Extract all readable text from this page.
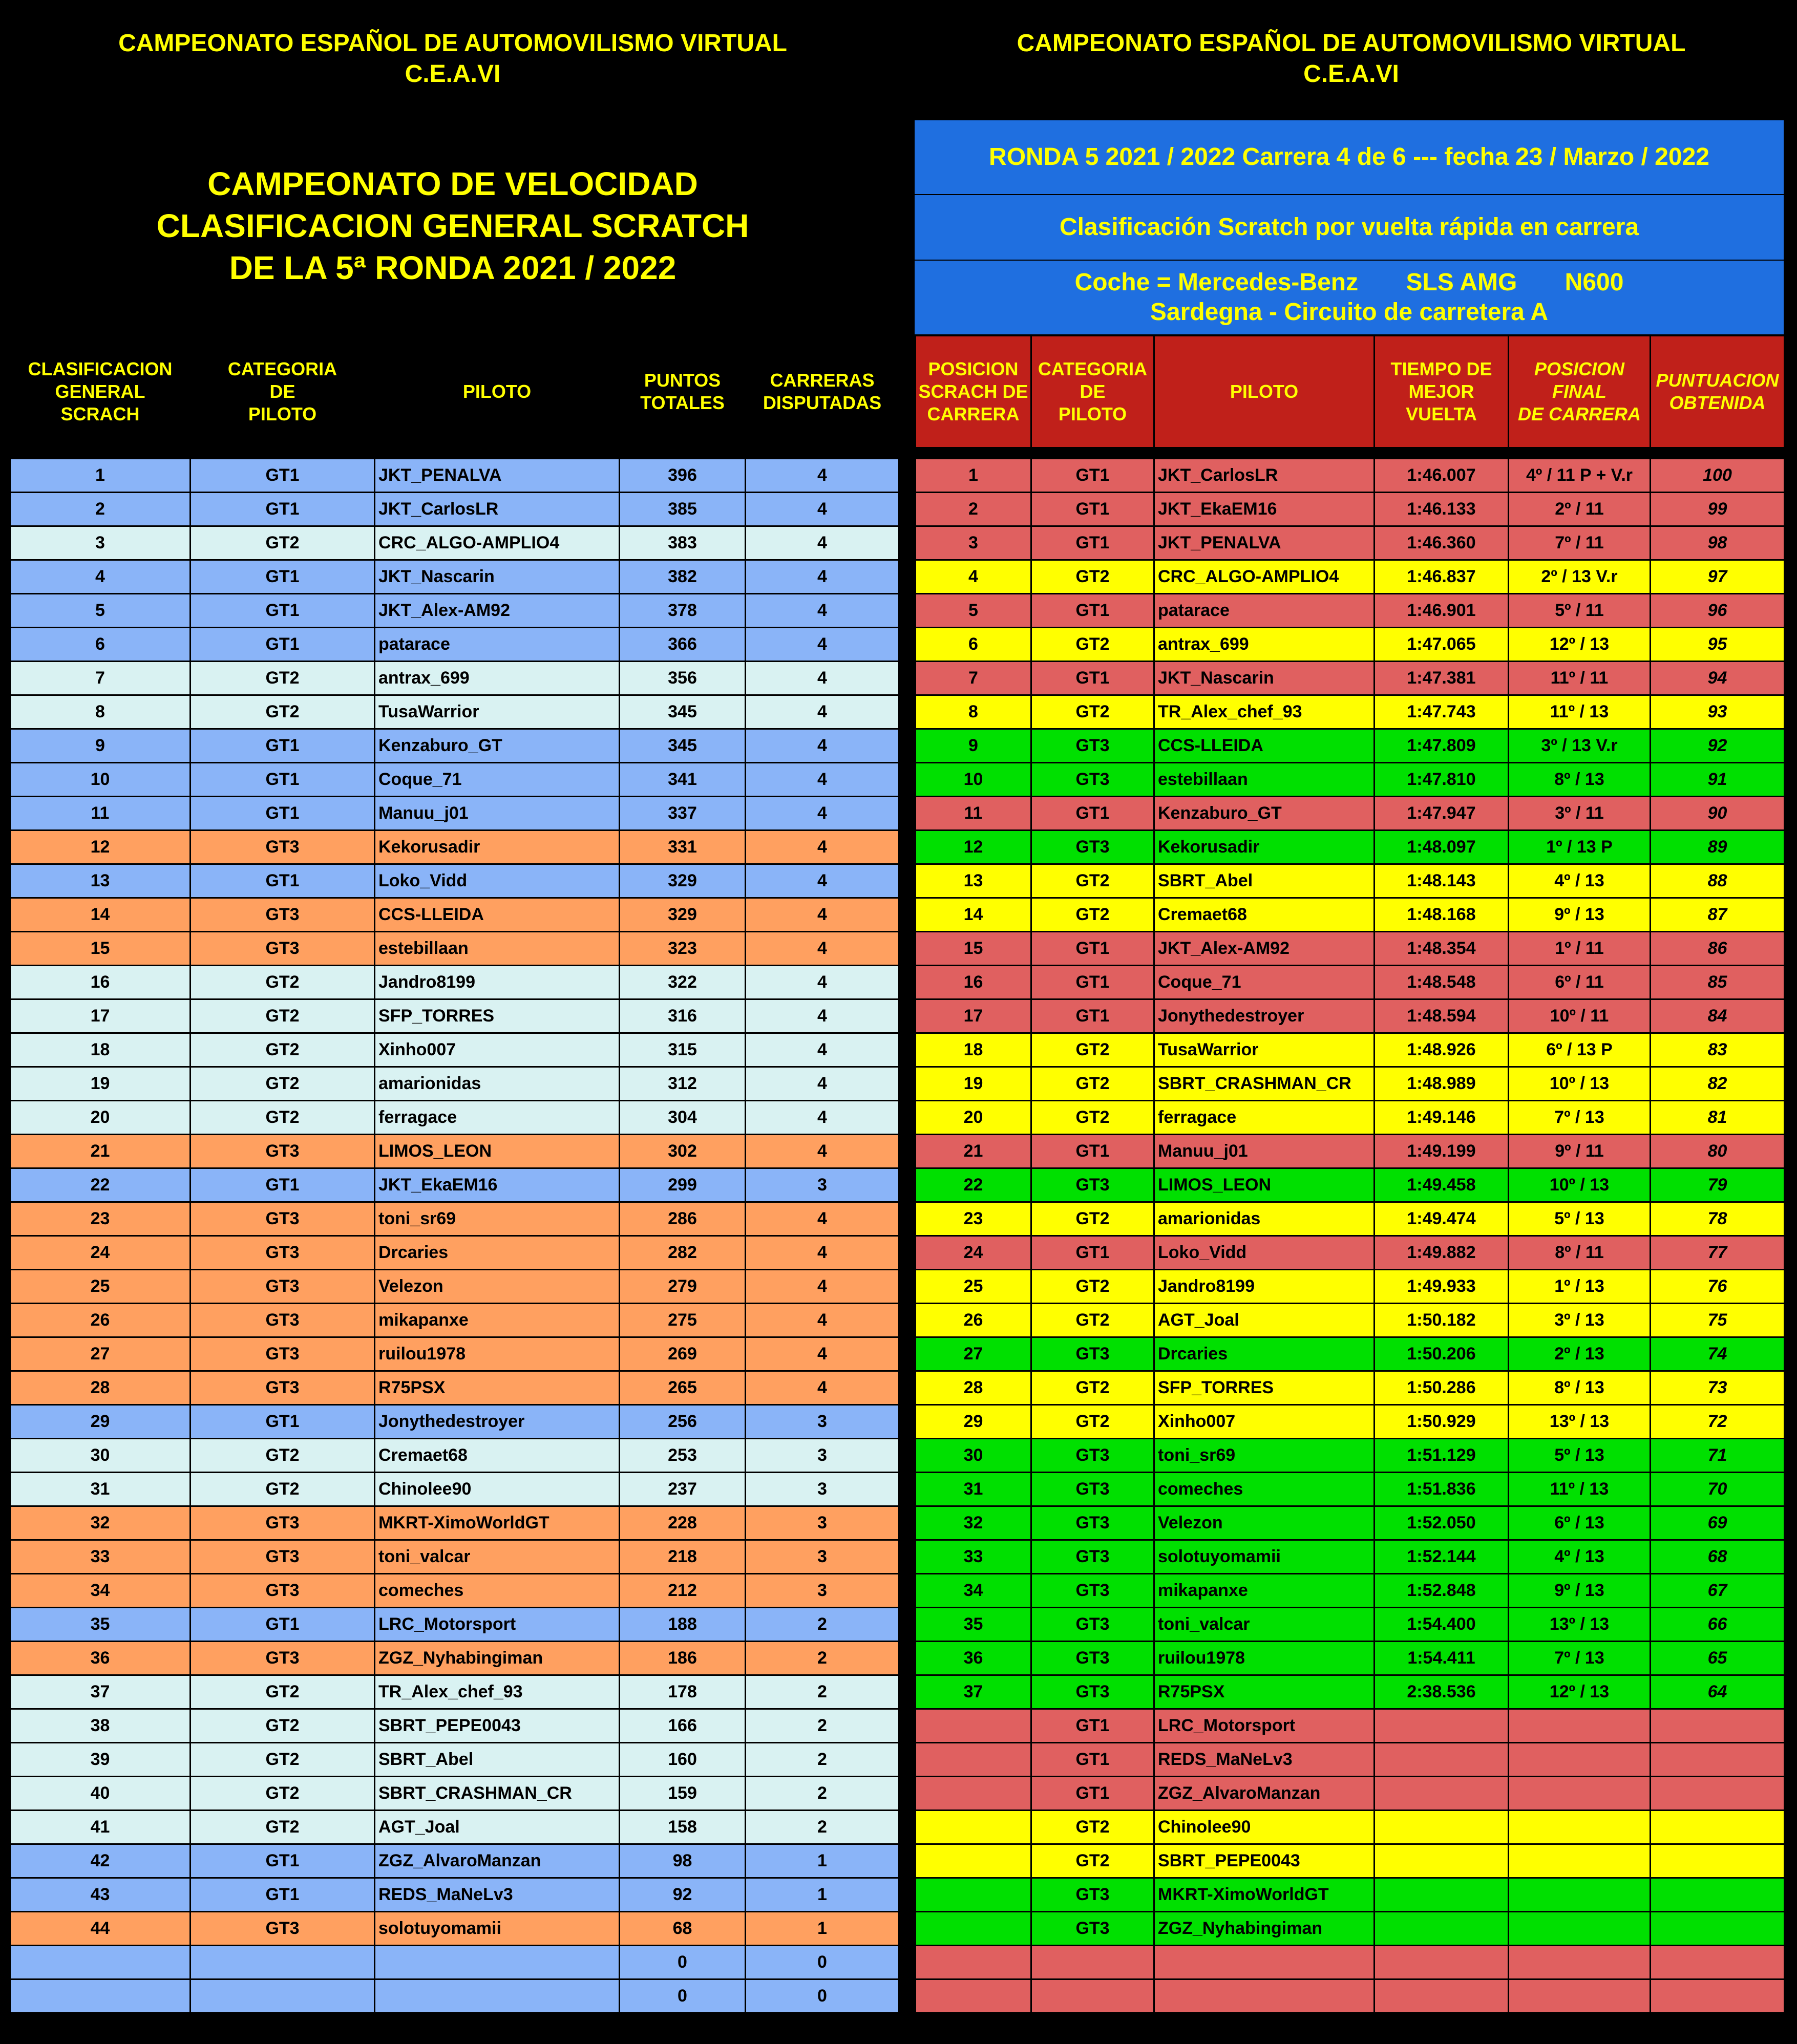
CAMPEONATO ESPAÑOL DE AUTOMOVILISMO VIRTUAL
C.E.A.VI
CAMPEONATO ESPAÑOL DE AUTOMOVILISMO VIRTUAL
C.E.A.VI
CAMPEONATO DE VELOCIDAD
CLASIFICACION GENERAL SCRATCH
DE LA 5ª RONDA 2021 / 2022
RONDA 5 2021 / 2022 Carrera 4 de 6 --- fecha 23 / Marzo / 2022
Clasificación Scratch por vuelta rápida en carrera
Coche = Mercedes-Benz       SLS AMG       N600
Sardegna - Circuito de carretera A
CLASIFICACION
GENERAL
SCRACH	CATEGORIA
DE
PILOTO	PILOTO	PUNTOS
TOTALES	CARRERAS
DISPUTADAS

1	GT1	JKT_PENALVA	396	4
2	GT1	JKT_CarlosLR	385	4
3	GT2	CRC_ALGO-AMPLIO4	383	4
4	GT1	JKT_Nascarin	382	4
5	GT1	JKT_Alex-AM92	378	4
6	GT1	patarace	366	4
7	GT2	antrax_699	356	4
8	GT2	TusaWarrior	345	4
9	GT1	Kenzaburo_GT	345	4
10	GT1	Coque_71	341	4
11	GT1	Manuu_j01	337	4
12	GT3	Kekorusadir	331	4
13	GT1	Loko_Vidd	329	4
14	GT3	CCS-LLEIDA	329	4
15	GT3	estebillaan	323	4
16	GT2	Jandro8199	322	4
17	GT2	SFP_TORRES	316	4
18	GT2	Xinho007	315	4
19	GT2	amarionidas	312	4
20	GT2	ferragace	304	4
21	GT3	LIMOS_LEON	302	4
22	GT1	JKT_EkaEM16	299	3
23	GT3	toni_sr69	286	4
24	GT3	Drcaries	282	4
25	GT3	Velezon	279	4
26	GT3	mikapanxe	275	4
27	GT3	ruilou1978	269	4
28	GT3	R75PSX	265	4
29	GT1	Jonythedestroyer	256	3
30	GT2	Cremaet68	253	3
31	GT2	Chinolee90	237	3
32	GT3	MKRT-XimoWorldGT	228	3
33	GT3	toni_valcar	218	3
34	GT3	comeches	212	3
35	GT1	LRC_Motorsport	188	2
36	GT3	ZGZ_Nyhabingiman	186	2
37	GT2	TR_Alex_chef_93	178	2
38	GT2	SBRT_PEPE0043	166	2
39	GT2	SBRT_Abel	160	2
40	GT2	SBRT_CRASHMAN_CR	159	2
41	GT2	AGT_Joal	158	2
42	GT1	ZGZ_AlvaroManzan	98	1
43	GT1	REDS_MaNeLv3	92	1
44	GT3	solotuyomamii	68	1
			0	0
			0	0
POSICION
SCRACH DE
CARRERA	CATEGORIA
DE
PILOTO	PILOTO	TIEMPO DE
MEJOR
VUELTA	POSICION
FINAL
DE CARRERA	PUNTUACION
OBTENIDA

1	GT1	JKT_CarlosLR	1:46.007	4º / 11 P + V.r	100
2	GT1	JKT_EkaEM16	1:46.133	2º / 11	99
3	GT1	JKT_PENALVA	1:46.360	7º / 11	98
4	GT2	CRC_ALGO-AMPLIO4	1:46.837	2º / 13 V.r	97
5	GT1	patarace	1:46.901	5º / 11	96
6	GT2	antrax_699	1:47.065	12º / 13	95
7	GT1	JKT_Nascarin	1:47.381	11º / 11	94
8	GT2	TR_Alex_chef_93	1:47.743	11º / 13	93
9	GT3	CCS-LLEIDA	1:47.809	3º / 13 V.r	92
10	GT3	estebillaan	1:47.810	8º / 13	91
11	GT1	Kenzaburo_GT	1:47.947	3º / 11	90
12	GT3	Kekorusadir	1:48.097	1º / 13 P	89
13	GT2	SBRT_Abel	1:48.143	4º / 13	88
14	GT2	Cremaet68	1:48.168	9º / 13	87
15	GT1	JKT_Alex-AM92	1:48.354	1º / 11	86
16	GT1	Coque_71	1:48.548	6º / 11	85
17	GT1	Jonythedestroyer	1:48.594	10º / 11	84
18	GT2	TusaWarrior	1:48.926	6º / 13 P	83
19	GT2	SBRT_CRASHMAN_CR	1:48.989	10º / 13	82
20	GT2	ferragace	1:49.146	7º / 13	81
21	GT1	Manuu_j01	1:49.199	9º / 11	80
22	GT3	LIMOS_LEON	1:49.458	10º / 13	79
23	GT2	amarionidas	1:49.474	5º / 13	78
24	GT1	Loko_Vidd	1:49.882	8º / 11	77
25	GT2	Jandro8199	1:49.933	1º / 13	76
26	GT2	AGT_Joal	1:50.182	3º / 13	75
27	GT3	Drcaries	1:50.206	2º / 13	74
28	GT2	SFP_TORRES	1:50.286	8º / 13	73
29	GT2	Xinho007	1:50.929	13º / 13	72
30	GT3	toni_sr69	1:51.129	5º / 13	71
31	GT3	comeches	1:51.836	11º / 13	70
32	GT3	Velezon	1:52.050	6º / 13	69
33	GT3	solotuyomamii	1:52.144	4º / 13	68
34	GT3	mikapanxe	1:52.848	9º / 13	67
35	GT3	toni_valcar	1:54.400	13º / 13	66
36	GT3	ruilou1978	1:54.411	7º / 13	65
37	GT3	R75PSX	2:38.536	12º / 13	64
	GT1	LRC_Motorsport			
	GT1	REDS_MaNeLv3			
	GT1	ZGZ_AlvaroManzan			
	GT2	Chinolee90			
	GT2	SBRT_PEPE0043			
	GT3	MKRT-XimoWorldGT			
	GT3	ZGZ_Nyhabingiman			
